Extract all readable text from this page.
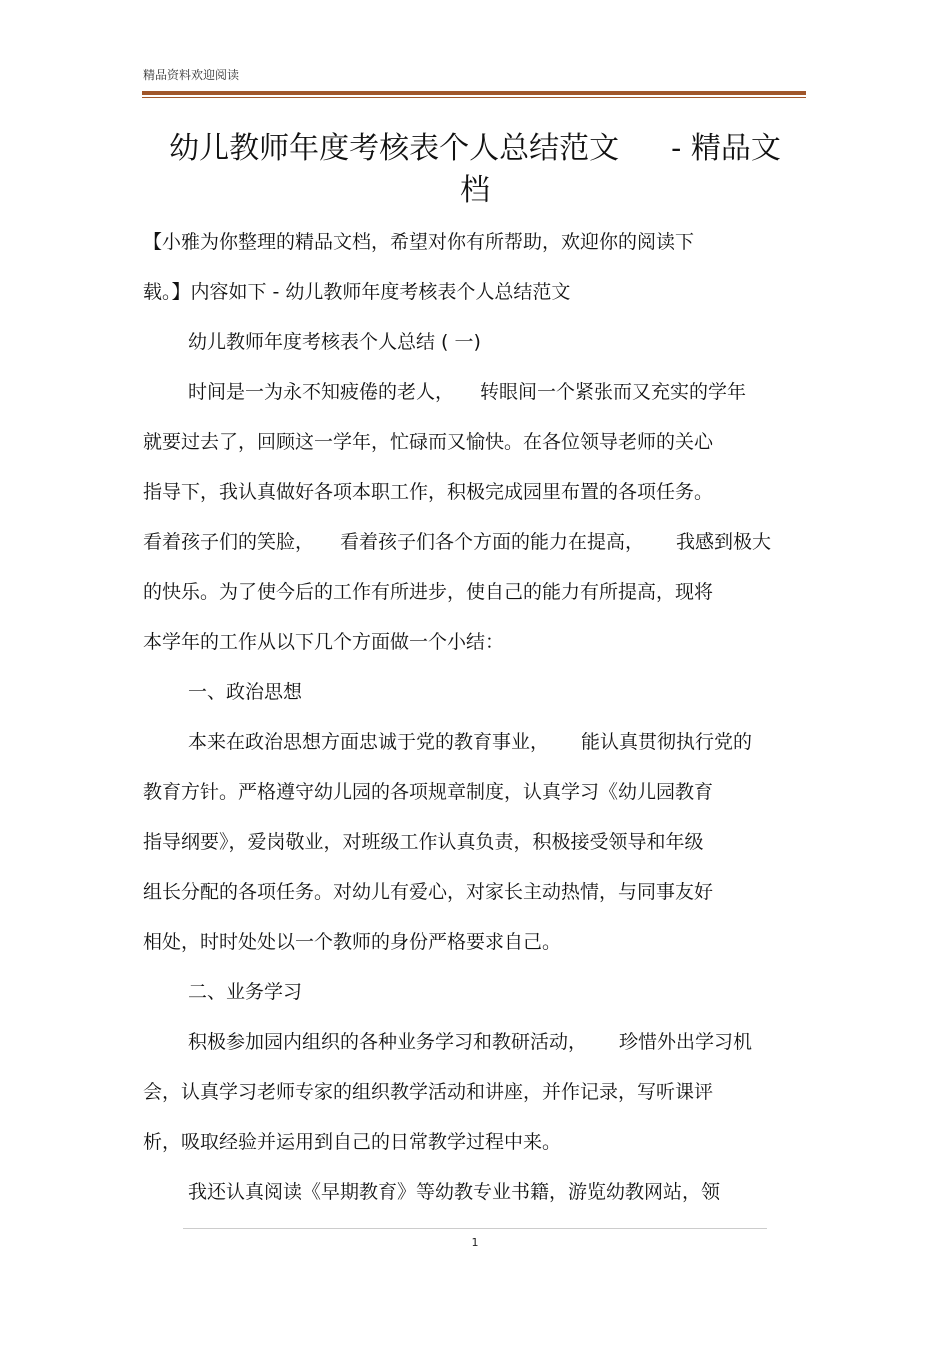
精品资料欢迎阅读
幼儿教师年度考核表个人总结范文 - 精品文
档
【小雅为你整理的精品文档，希望对你有所帮助，欢迎你的阅读下
载。】内容如下 - 幼儿教师年度考核表个人总结范文
幼儿教师年度考核表个人总结 ( 一)
时间是一为永不知疲倦的老人， 转眼间一个紧张而又充实的学年
就要过去了，回顾这一学年，忙碌而又愉快。在各位领导老师的关心
指导下，我认真做好各项本职工作，积极完成园里布置的各项任务。
看着孩子们的笑脸， 看着孩子们各个方面的能力在提高， 我感到极大
的快乐。为了使今后的工作有所进步，使自己的能力有所提高，现将
本学年的工作从以下几个方面做一个小结：
一、政治思想
本来在政治思想方面忠诚于党的教育事业， 能认真贯彻执行党的
教育方针。严格遵守幼儿园的各项规章制度，认真学习《幼儿园教育
指导纲要》，爱岗敬业，对班级工作认真负责，积极接受领导和年级
组长分配的各项任务。对幼儿有爱心，对家长主动热情，与同事友好
相处，时时处处以一个教师的身份严格要求自己。
二、业务学习
积极参加园内组织的各种业务学习和教研活动， 珍惜外出学习机
会，认真学习老师专家的组织教学活动和讲座，并作记录，写听课评
析，吸取经验并运用到自己的日常教学过程中来。
我还认真阅读《早期教育》等幼教专业书籍，游览幼教网站，领
1
